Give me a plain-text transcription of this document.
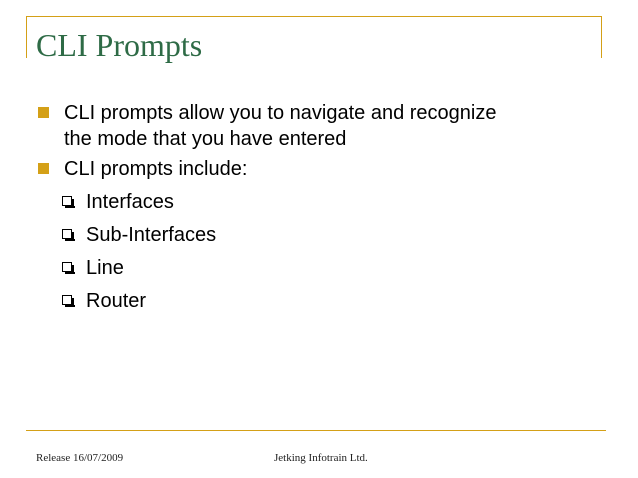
CLI Prompts
CLI prompts allow you to navigate and recognize
the mode that you have entered
CLI prompts include:
Interfaces
Sub-Interfaces
Line
Router
Release 16/07/2009	Jetking Infotrain Ltd.
